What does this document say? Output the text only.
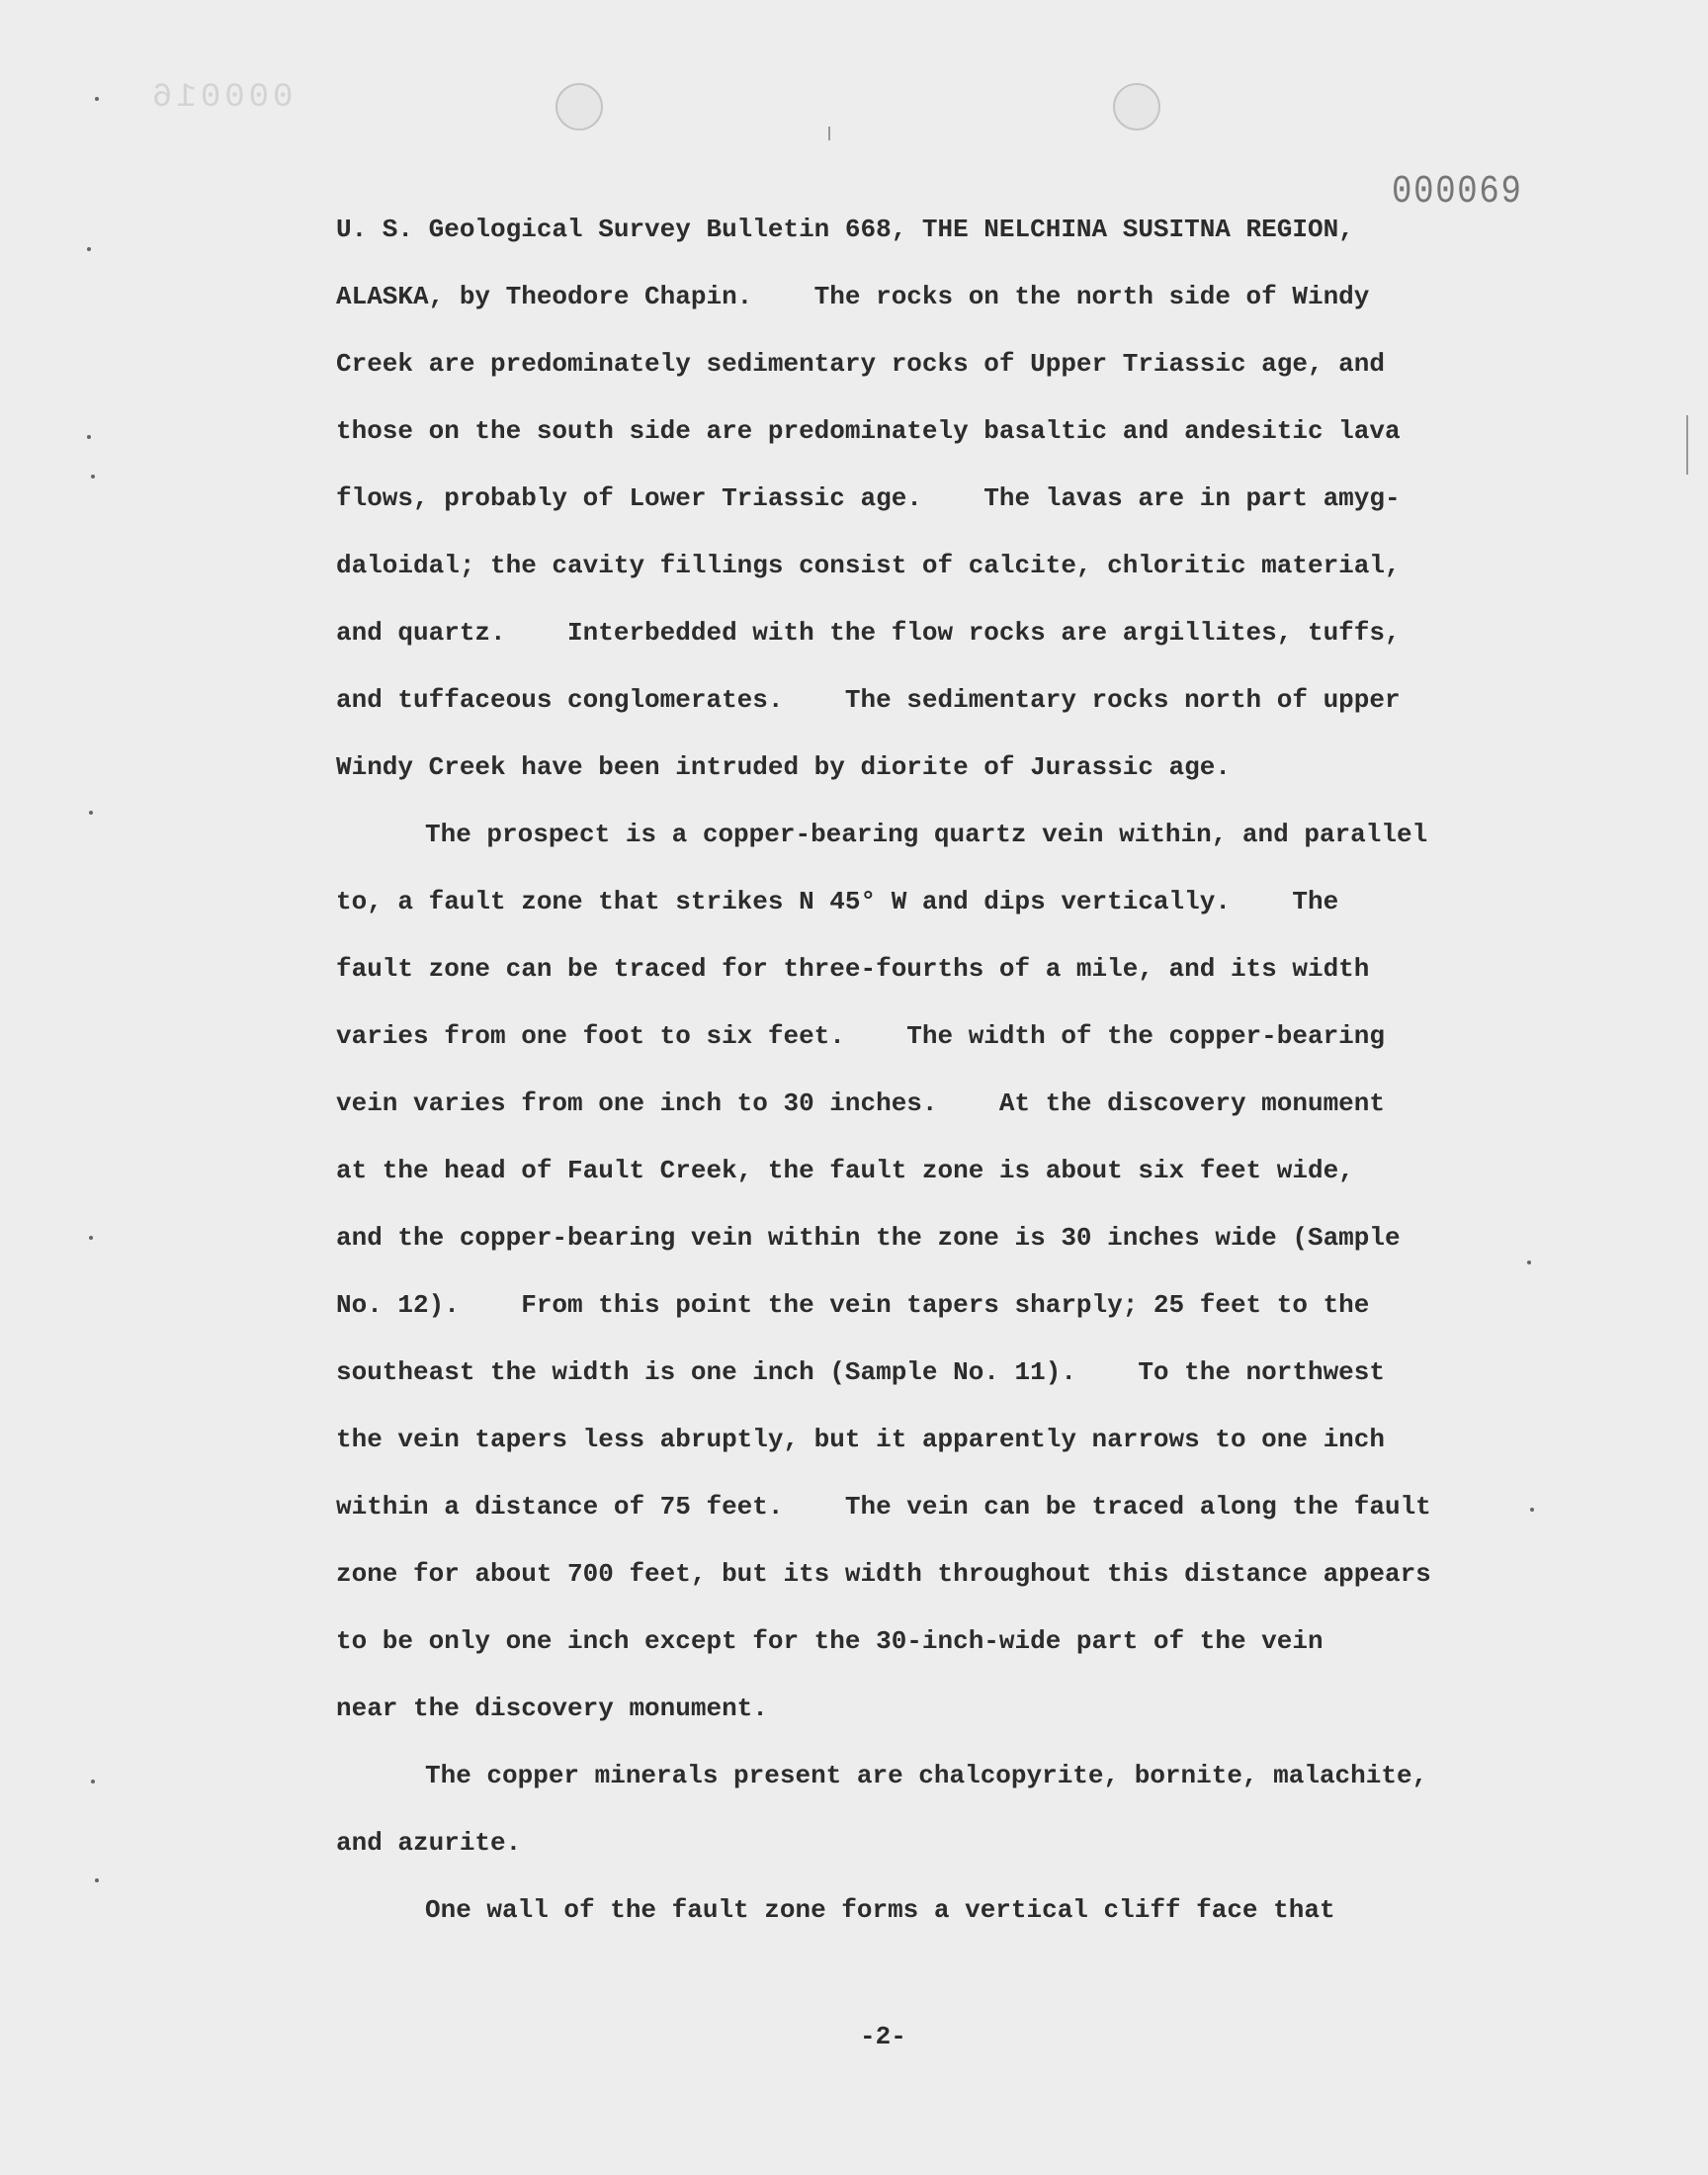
000016
000069
U. S. Geological Survey Bulletin 668, THE NELCHINA SUSITNA REGION,
ALASKA, by Theodore Chapin.    The rocks on the north side of Windy
Creek are predominately sedimentary rocks of Upper Triassic age, and
those on the south side are predominately basaltic and andesitic lava
flows, probably of Lower Triassic age.    The lavas are in part amyg-
daloidal; the cavity fillings consist of calcite, chloritic material,
and quartz.    Interbedded with the flow rocks are argillites, tuffs,
and tuffaceous conglomerates.    The sedimentary rocks north of upper
Windy Creek have been intruded by diorite of Jurassic age.
The prospect is a copper-bearing quartz vein within, and parallel
to, a fault zone that strikes N 45° W and dips vertically.    The
fault zone can be traced for three-fourths of a mile, and its width
varies from one foot to six feet.    The width of the copper-bearing
vein varies from one inch to 30 inches.    At the discovery monument
at the head of Fault Creek, the fault zone is about six feet wide,
and the copper-bearing vein within the zone is 30 inches wide (Sample
No. 12).    From this point the vein tapers sharply; 25 feet to the
southeast the width is one inch (Sample No. 11).    To the northwest
the vein tapers less abruptly, but it apparently narrows to one inch
within a distance of 75 feet.    The vein can be traced along the fault
zone for about 700 feet, but its width throughout this distance appears
to be only one inch except for the 30-inch-wide part of the vein
near the discovery monument.
The copper minerals present are chalcopyrite, bornite, malachite,
and azurite.
One wall of the fault zone forms a vertical cliff face that
-2-
